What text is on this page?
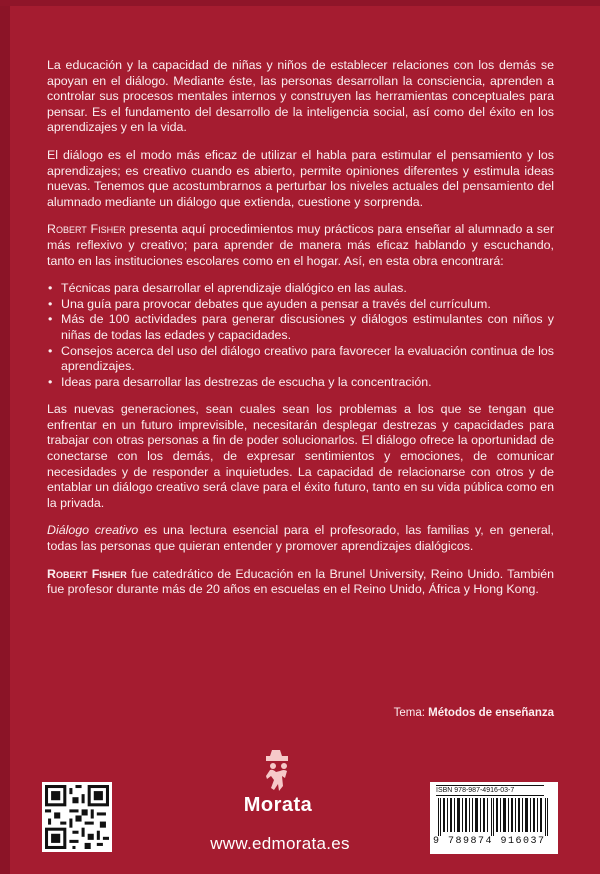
La educación y la capacidad de niñas y niños de establecer relaciones con los demás se apoyan en el diálogo. Mediante éste, las personas desarrollan la consciencia, aprenden a controlar sus procesos mentales internos y construyen las herramientas conceptuales para pensar. Es el fundamento del desarrollo de la inteligencia social, así como del éxito en los aprendizajes y en la vida.

El diálogo es el modo más eficaz de utilizar el habla para estimular el pensamiento y los aprendizajes; es creativo cuando es abierto, permite opiniones diferentes y estimula ideas nuevas. Tenemos que acostumbrarnos a perturbar los niveles actuales del pensamiento del alumnado mediante un diálogo que extienda, cuestione y sorprenda.

Robert Fisher presenta aquí procedimientos muy prácticos para enseñar al alumnado a ser más reflexivo y creativo; para aprender de manera más eficaz hablando y escuchando, tanto en las instituciones escolares como en el hogar. Así, en esta obra encontrará:

• Técnicas para desarrollar el aprendizaje dialógico en las aulas.
• Una guía para provocar debates que ayuden a pensar a través del currículum.
• Más de 100 actividades para generar discusiones y diálogos estimulantes con niños y niñas de todas las edades y capacidades.
• Consejos acerca del uso del diálogo creativo para favorecer la evaluación continua de los aprendizajes.
• Ideas para desarrollar las destrezas de escucha y la concentración.

Las nuevas generaciones, sean cuales sean los problemas a los que se tengan que enfrentar en un futuro imprevisible, necesitarán desplegar destrezas y capacidades para trabajar con otras personas a fin de poder solucionarlos. El diálogo ofrece la oportunidad de conectarse con los demás, de expresar sentimientos y emociones, de comunicar necesidades y de responder a inquietudes. La capacidad de relacionarse con otros y de entablar un diálogo creativo será clave para el éxito futuro, tanto en su vida pública como en la privada.

Diálogo creativo es una lectura esencial para el profesorado, las familias y, en general, todas las personas que quieran entender y promover aprendizajes dialógicos.

Robert Fisher fue catedrático de Educación en la Brunel University, Reino Unido. También fue profesor durante más de 20 años en escuelas en el Reino Unido, África y Hong Kong.

Tema: Métodos de enseñanza
Morata
www.edmorata.es
ISBN 978-987-4916-03-7
9 789874 916037
